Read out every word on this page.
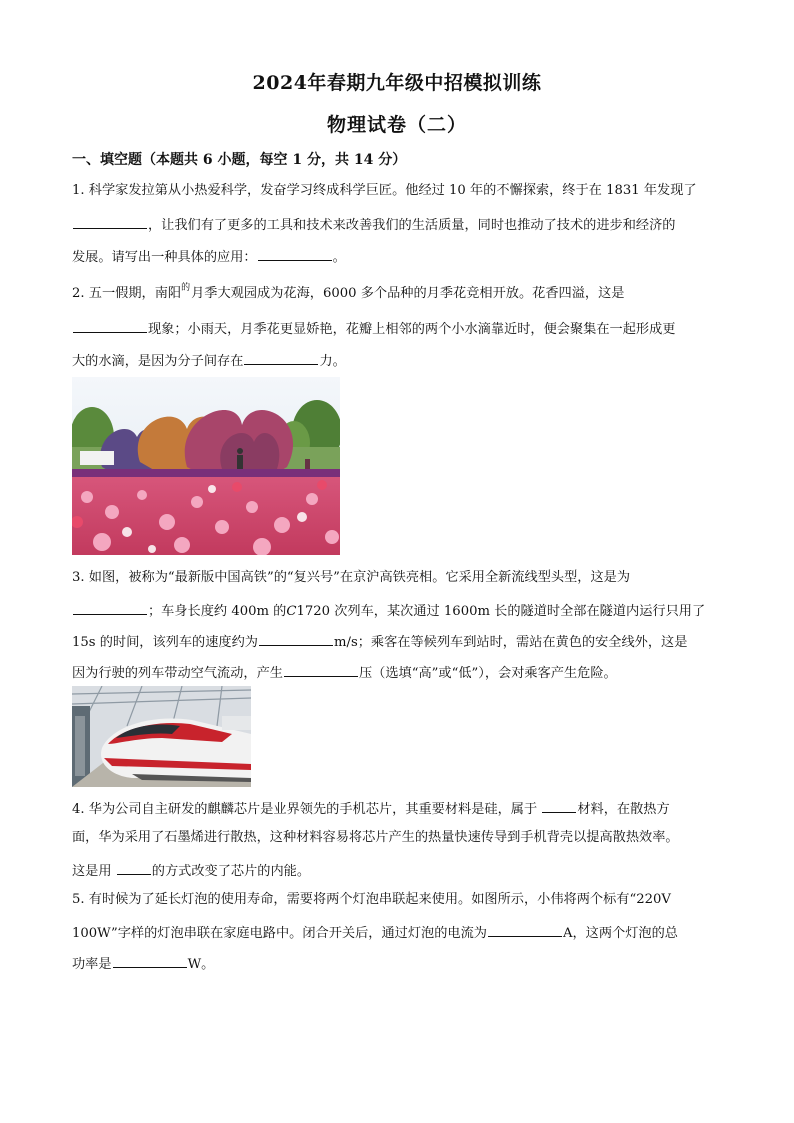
2024年春期九年级中招模拟训练
物理试卷（二）
一、填空题（本题共 6 小题，每空 1 分，共 14 分）
1. 科学家发拉第从小热爱科学，发奋学习终成科学巨匠。他经过 10 年的不懈探索，终于在 1831 年发现了
，让我们有了更多的工具和技术来改善我们的生活质量，同时也推动了技术的进步和经济的
发展。请写出一种具体的应用：	。
2. 五一假期，南阳$^的$月季大观园成为花海，6000 多个品种的月季花竞相开放。花香四溢，这是
现象；小雨天，月季花更显娇艳，花瓣上相邻的两个小水滴靠近时，便会聚集在一起形成更
大的水滴，是因为分子间存在	力。
3. 如图，被称为“最新版中国高铁”的“复兴号”在京沪高铁亮相。它采用全新流线型头型，这是为
；车身长度约 400m 的C1720 次列车，某次通过 1600m 长的隧道时全部在隧道内运行只用了
15s 的时间，该列车的速度约为	m/s；乘客在等候列车到站时，需站在黄色的安全线外，这是
因为行驶的列车带动空气流动，产生	压（选填“高”或“低”），会对乘客产生危险。
4. 华为公司自主研发的麒麟芯片是业界领先的手机芯片，其重要材料是硅，属于	材料，在散热方
面，华为采用了石墨烯进行散热，这种材料容易将芯片产生的热量快速传导到手机背壳以提高散热效率。
这是用	的方式改变了芯片的内能。
5. 有时候为了延长灯泡的使用寿命，需要将两个灯泡串联起来使用。如图所示，小伟将两个标有“220V
100W”字样的灯泡串联在家庭电路中。闭合开关后，通过灯泡的电流为	A，这两个灯泡的总
功率是	W。
